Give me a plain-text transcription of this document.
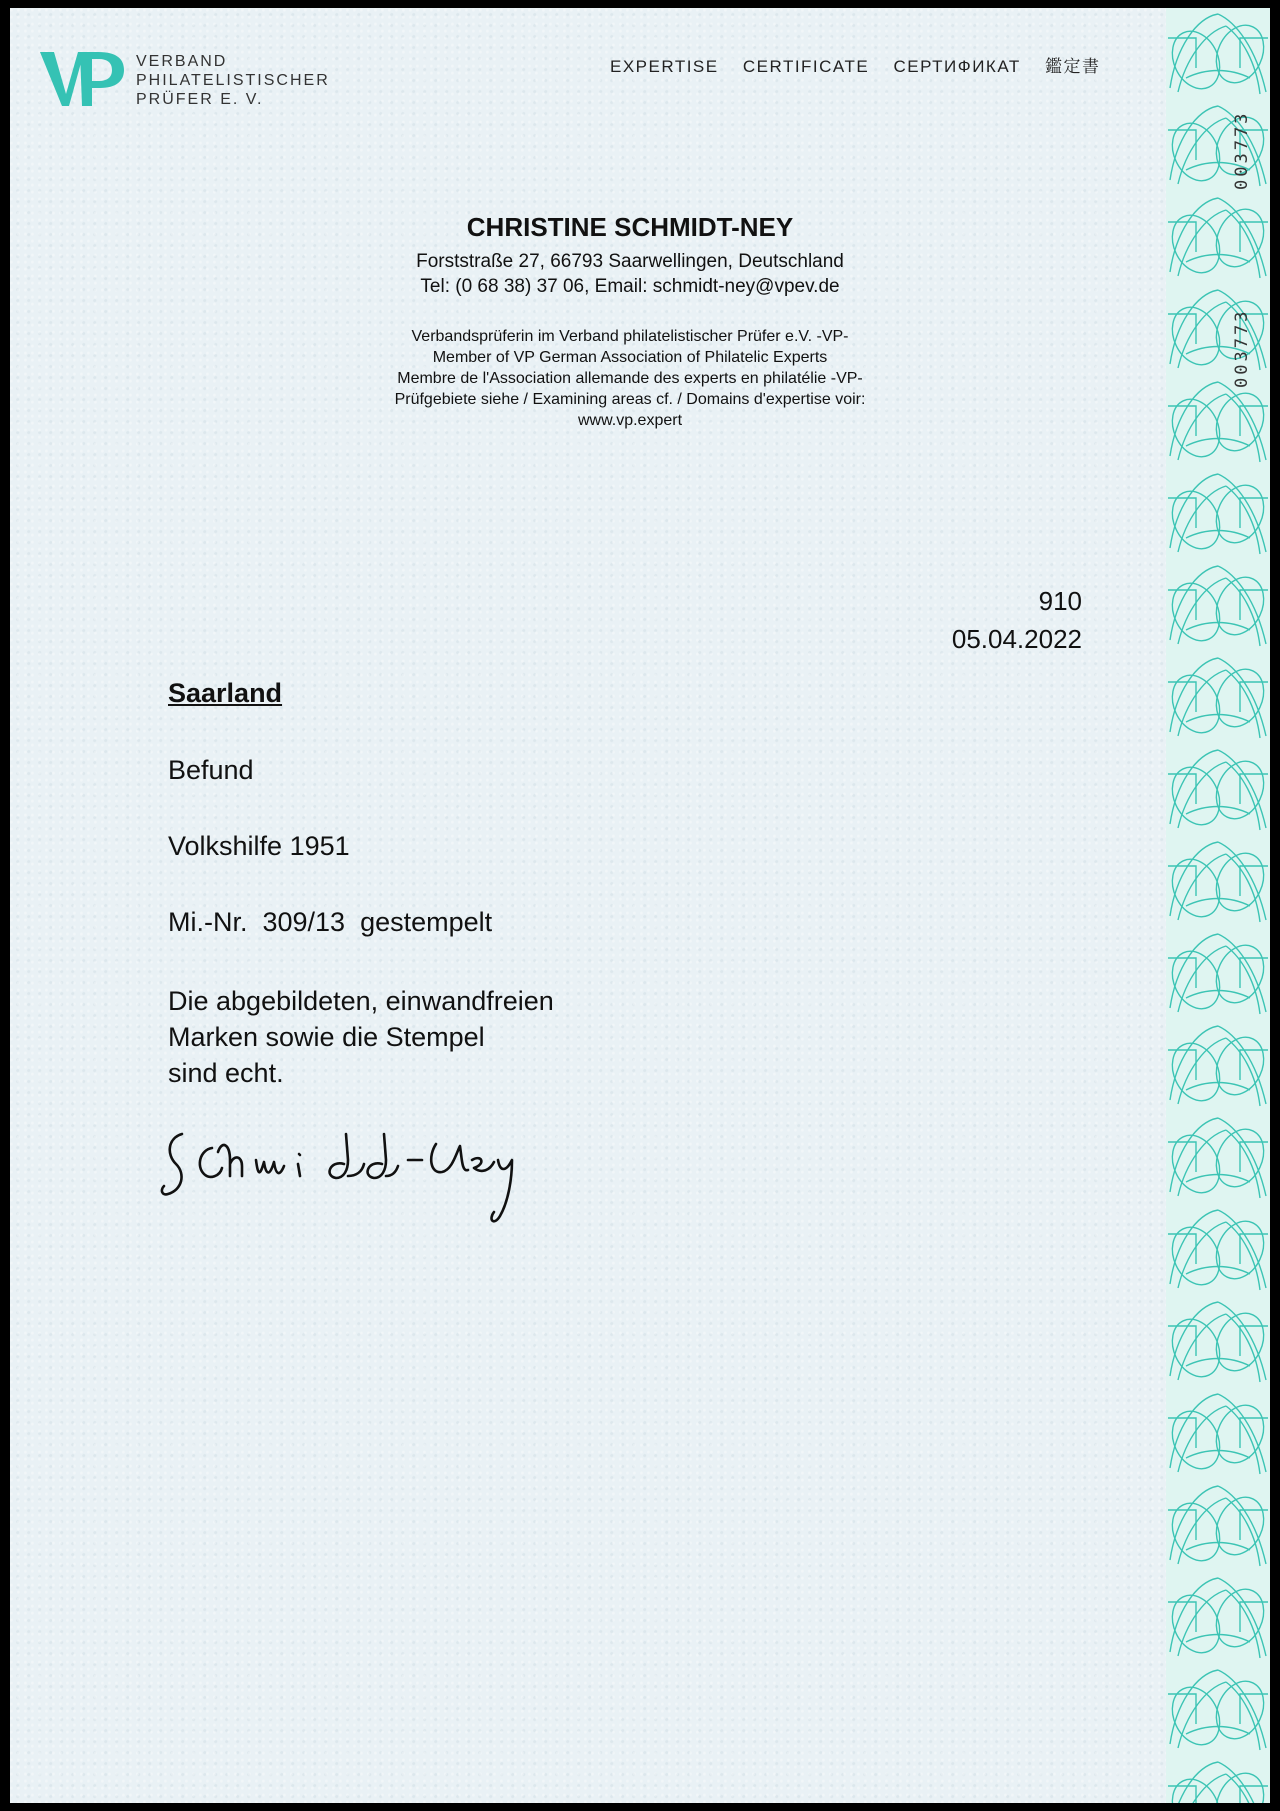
VERBAND
PHILATELISTISCHER
PRÜFER E. V.
EXPERTISE CERTIFICATE СЕРТИФИКАТ 鑑定書
CHRISTINE SCHMIDT-NEY
Forststraße 27, 66793 Saarwellingen, Deutschland
Tel: (0 68 38) 37 06, Email: schmidt-ney@vpev.de
Verbandsprüferin im Verband philatelistischer Prüfer e.V. -VP-
Member of VP German Association of Philatelic Experts
Membre de l'Association allemande des experts en philatélie -VP-
Prüfgebiete siehe / Examining areas cf. / Domains d'expertise voir:
www.vp.expert
910
05.04.2022
Saarland
Befund
Volkshilfe 1951
Mi.-Nr.  309/13  gestempelt
Die abgebildeten, einwandfreien
Marken sowie die Stempel
sind echt.
003773
003773
